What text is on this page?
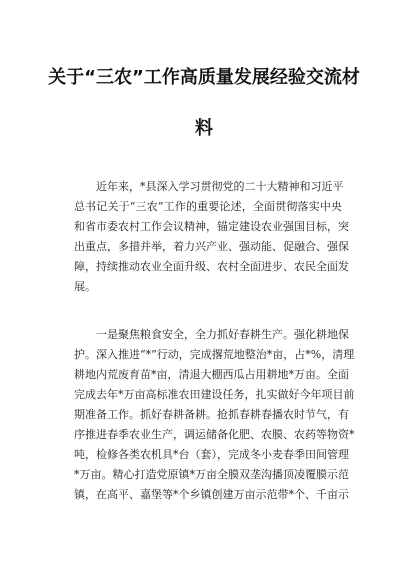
关于“三农”工作高质量发展经验交流材
料
近年来，*县深入学习贯彻党的二十大精神和习近平
总书记关于“三农”工作的重要论述，全面贯彻落实中央
和省市委农村工作会议精神，锚定建设农业强国目标，突
出重点，多措并举，着力兴产业、强动能、促融合、强保
障，持续推动农业全面升级、农村全面进步、农民全面发
展。
一是聚焦粮食安全，全力抓好春耕生产。强化耕地保
护。深入推进“*”行动，完成撂荒地整治*亩，占*%，清理
耕地内荒废育苗*亩，清退大棚西瓜占用耕地*万亩。全面
完成去年*万亩高标准农田建设任务，扎实做好今年项目前
期准备工作。抓好春耕备耕。抢抓春耕春播农时节气，有
序推进春季农业生产，调运储备化肥、农膜、农药等物资*
吨，检修各类农机具*台（套），完成冬小麦春季田间管理
*万亩。精心打造党原镇*万亩全膜双垄沟播顶凌覆膜示范
镇，在高平、嘉堡等*个乡镇创建万亩示范带*个、千亩示
